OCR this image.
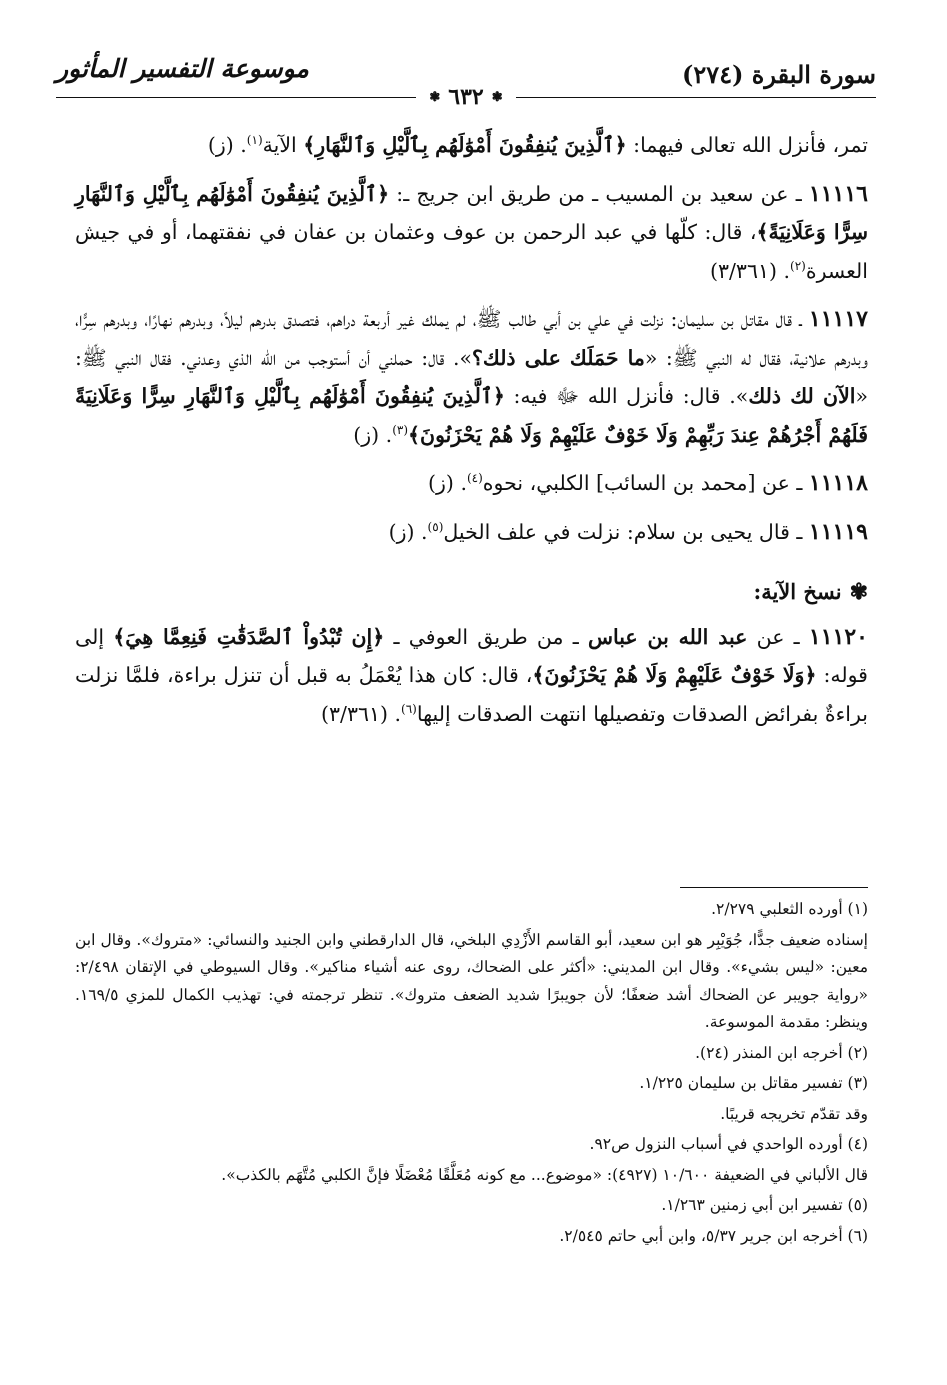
سورة البقرة (٢٧٤)
موسوعة التفسير المأثور
❃
٦٣٢
❃

تمر، فأنزل الله تعالى فيهما: ﴿ٱلَّذِينَ يُنفِقُونَ أَمْوَٰلَهُم بِٱلَّيْلِ وَٱلنَّهَارِ﴾ الآية$^{(١)}$. (ز)

١١١١٦ ـ عن سعيد بن المسيب ـ من طريق ابن جريج ـ: ﴿ٱلَّذِينَ يُنفِقُونَ أَمْوَٰلَهُم بِٱلَّيْلِ وَٱلنَّهَارِ سِرًّا وَعَلَانِيَةً﴾، قال: كلّها في عبد الرحمن بن عوف وعثمان بن عفان في نفقتهما، أو في جيش العسرة$^{(٢)}$. (٣/٣٦١)

١١١١٧ ـ قال مقاتل بن سليمان: نزلت في علي بن أبي طالب ﷺ، لم يملك غير أربعة دراهم، فتصدق بدرهم ليلاً، وبدرهم نهارًا، وبدرهم سِرًّا، وبدرهم علانية، فقال له النبي ﷺ: «ما حَمَلَك على ذلك؟». قال: حملني أن أستوجب من الله الذي وعدني. فقال النبي ﷺ: «الآن لك ذلك». قال: فأنزل الله ﷻ فيه: ﴿ٱلَّذِينَ يُنفِقُونَ أَمْوَٰلَهُم بِٱلَّيْلِ وَٱلنَّهَارِ سِرًّا وَعَلَانِيَةً فَلَهُمْ أَجْرُهُمْ عِندَ رَبِّهِمْ وَلَا خَوْفٌ عَلَيْهِمْ وَلَا هُمْ يَحْزَنُونَ﴾$^{(٣)}$. (ز)

١١١١٨ ـ عن [محمد بن السائب] الكلبي، نحوه$^{(٤)}$. (ز)

١١١١٩ ـ قال يحيى بن سلام: نزلت في علف الخيل$^{(٥)}$. (ز)

✾
نسخ الآية:

١١١٢٠ ـ عن عبد الله بن عباس ـ من طريق العوفي ـ ﴿إِن تُبْدُواْ ٱلصَّدَقَٰتِ فَنِعِمَّا هِيَ﴾ إلى قوله: ﴿وَلَا خَوْفٌ عَلَيْهِمْ وَلَا هُمْ يَحْزَنُونَ﴾، قال: كان هذا يُعْمَلُ به قبل أن تنزل براءة، فلمَّا نزلت براءةٌ بفرائض الصدقات وتفصيلها انتهت الصدقات إليها$^{(٦)}$. (٣/٣٦١)

(١) أورده الثعلبي ٢/٢٧٩.

إسناده ضعيف جدًّا، جُوَيْبِر هو ابن سعيد، أبو القاسم الأَزْدِي البلخي، قال الدارقطني وابن الجنيد والنسائي: «متروك». وقال ابن معين: «ليس بشيء». وقال ابن المديني: «أكثر على الضحاك، روى عنه أشياء مناكير». وقال السيوطي في الإتقان ٢/٤٩٨: «رواية جويبر عن الضحاك أشد ضعفًا؛ لأن جويبرًا شديد الضعف متروك». تنظر ترجمته في: تهذيب الكمال للمزي ١٦٩/٥. وينظر: مقدمة الموسوعة.

(٢) أخرجه ابن المنذر (٢٤).

(٣) تفسير مقاتل بن سليمان ١/٢٢٥.

وقد تقدّم تخريجه قريبًا.

(٤) أورده الواحدي في أسباب النزول ص٩٢.

قال الألباني في الضعيفة ١٠/٦٠٠ (٤٩٢٧): «موضوع... مع كونه مُعَلَّقًا مُعْضَلًا فإنَّ الكلبي مُتَّهَم بالكذب».

(٥) تفسير ابن أبي زمنين ١/٢٦٣.

(٦) أخرجه ابن جرير ٥/٣٧، وابن أبي حاتم ٢/٥٤٥.
